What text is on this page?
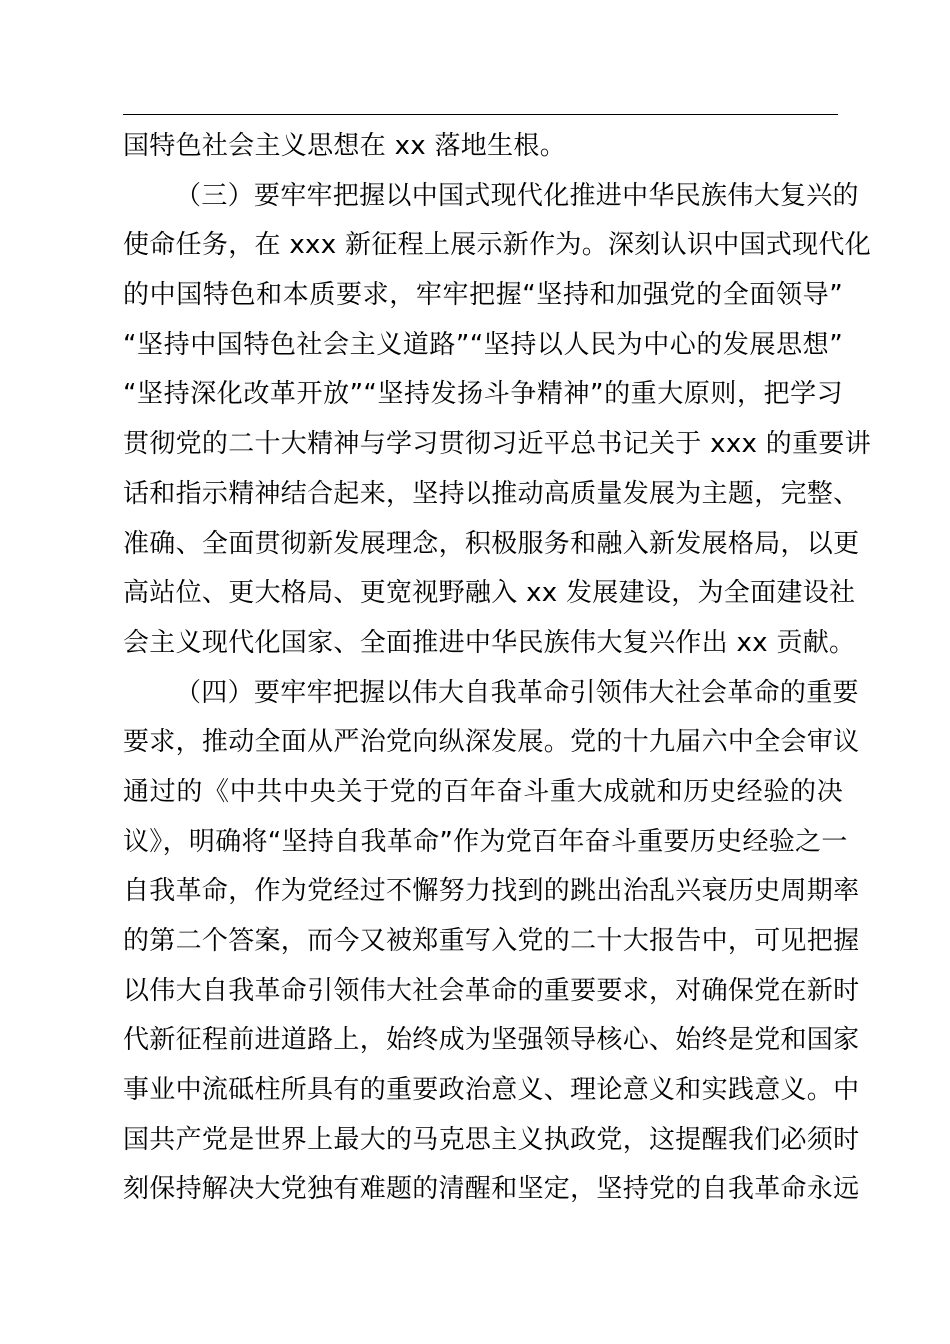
国特色社会主义思想在 xx 落地生根。
（三）要牢牢把握以中国式现代化推进中华民族伟大复兴的
使命任务，在 xxx 新征程上展示新作为。深刻认识中国式现代化
的中国特色和本质要求，牢牢把握“坚持和加强党的全面领导”
“坚持中国特色社会主义道路”“坚持以人民为中心的发展思想”
“坚持深化改革开放”“坚持发扬斗争精神”的重大原则，把学习
贯彻党的二十大精神与学习贯彻习近平总书记关于 xxx 的重要讲
话和指示精神结合起来，坚持以推动高质量发展为主题，完整、
准确、全面贯彻新发展理念，积极服务和融入新发展格局，以更
高站位、更大格局、更宽视野融入 xx 发展建设，为全面建设社
会主义现代化国家、全面推进中华民族伟大复兴作出 xx 贡献。
（四）要牢牢把握以伟大自我革命引领伟大社会革命的重要
要求，推动全面从严治党向纵深发展。党的十九届六中全会审议
通过的《中共中央关于党的百年奋斗重大成就和历史经验的决
议》，明确将“坚持自我革命”作为党百年奋斗重要历史经验之一
自我革命，作为党经过不懈努力找到的跳出治乱兴衰历史周期率
的第二个答案，而今又被郑重写入党的二十大报告中，可见把握
以伟大自我革命引领伟大社会革命的重要要求，对确保党在新时
代新征程前进道路上，始终成为坚强领导核心、始终是党和国家
事业中流砥柱所具有的重要政治意义、理论意义和实践意义。中
国共产党是世界上最大的马克思主义执政党，这提醒我们必须时
刻保持解决大党独有难题的清醒和坚定，坚持党的自我革命永远
